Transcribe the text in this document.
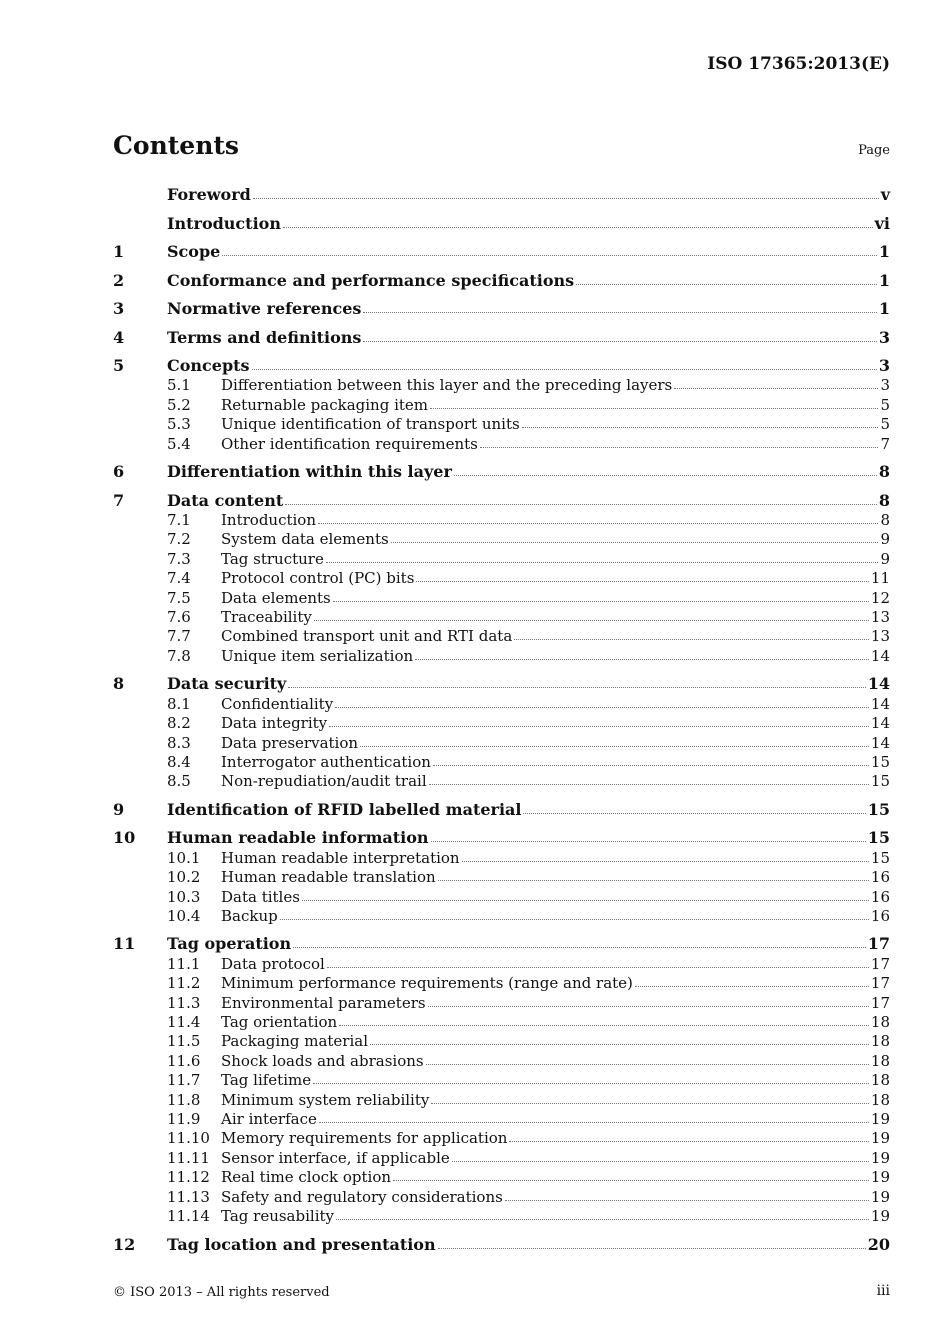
ISO 17365:2013(E)
Contents	Page
Foreword	v
Introduction	vi
1	Scope	1
2	Conformance and performance specifications	1
3	Normative references	1
4	Terms and definitions	3
5	Concepts	3
5.1	Differentiation between this layer and the preceding layers	3
5.2	Returnable packaging item	5
5.3	Unique identification of transport units	5
5.4	Other identification requirements	7
6	Differentiation within this layer	8
7	Data content	8
7.1	Introduction	8
7.2	System data elements	9
7.3	Tag structure	9
7.4	Protocol control (PC) bits	11
7.5	Data elements	12
7.6	Traceability	13
7.7	Combined transport unit and RTI data	13
7.8	Unique item serialization	14
8	Data security	14
8.1	Confidentiality	14
8.2	Data integrity	14
8.3	Data preservation	14
8.4	Interrogator authentication	15
8.5	Non-repudiation/audit trail	15
9	Identification of RFID labelled material	15
10	Human readable information	15
10.1	Human readable interpretation	15
10.2	Human readable translation	16
10.3	Data titles	16
10.4	Backup	16
11	Tag operation	17
11.1	Data protocol	17
11.2	Minimum performance requirements (range and rate)	17
11.3	Environmental parameters	17
11.4	Tag orientation	18
11.5	Packaging material	18
11.6	Shock loads and abrasions	18
11.7	Tag lifetime	18
11.8	Minimum system reliability	18
11.9	Air interface	19
11.10 Memory requirements for application	19
11.11 Sensor interface, if applicable	19
11.12 Real time clock option	19
11.13 Safety and regulatory considerations	19
11.14 Tag reusability	19
12	Tag location and presentation	20
© ISO 2013 – All rights reserved	iii
